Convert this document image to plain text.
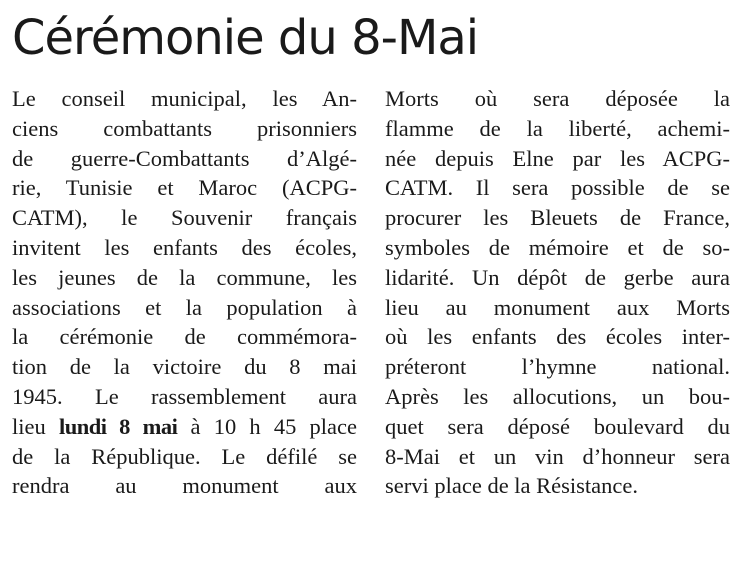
Cérémonie du 8-Mai
Le conseil municipal, les An-
ciens combattants prisonniers
de guerre-Combattants d’Algé-
rie, Tunisie et Maroc (ACPG-
CATM), le Souvenir français
invitent les enfants des écoles,
les jeunes de la commune, les
associations et la population à
la cérémonie de commémora-
tion de la victoire du 8 mai
1945. Le rassemblement aura
lieu lundi 8 mai à 10 h 45 place
de la République. Le défilé se
rendra au monument aux
Morts où sera déposée la
flamme de la liberté, achemi-
née depuis Elne par les ACPG-
CATM. Il sera possible de se
procurer les Bleuets de France,
symboles de mémoire et de so-
lidarité. Un dépôt de gerbe aura
lieu au monument aux Morts
où les enfants des écoles inter-
préteront l’hymne national.
Après les allocutions, un bou-
quet sera déposé boulevard du
8-Mai et un vin d’honneur sera
servi place de la Résistance.
